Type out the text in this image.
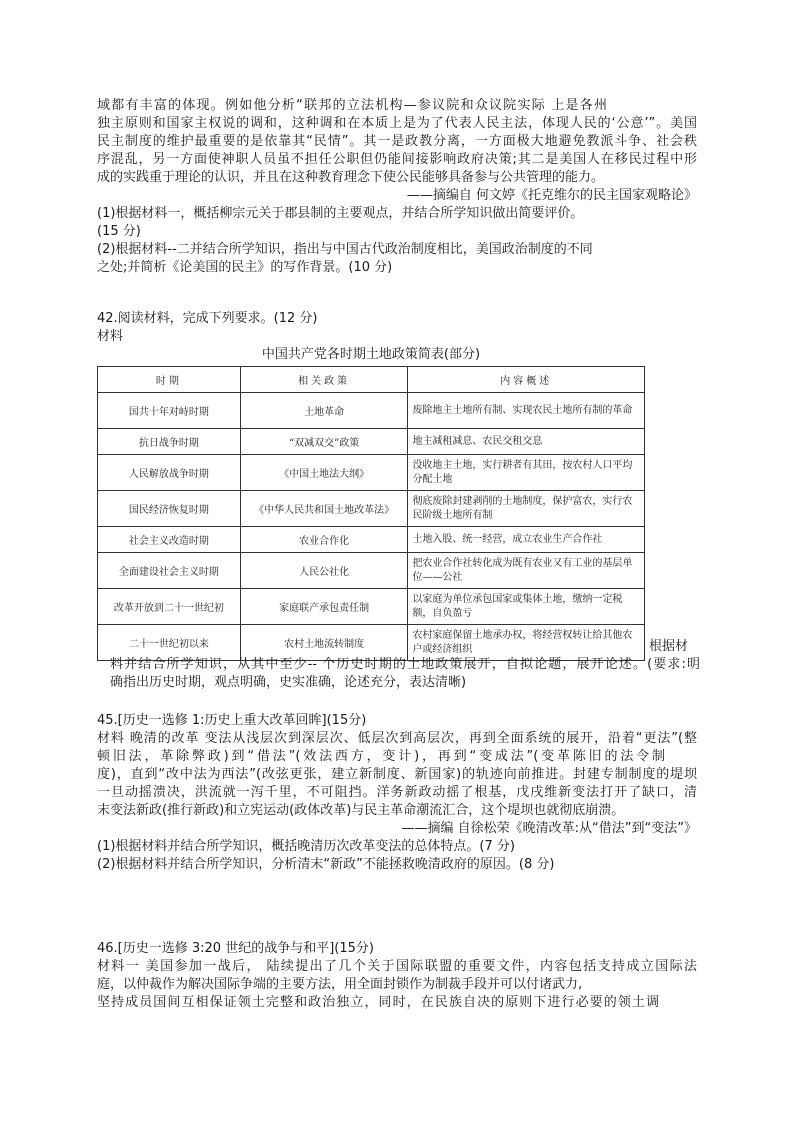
域都有丰富的体现。例如他分析“联邦的立法机构—参议院和众议院实际 上是各州
独主原则和国家主权说的调和，这种调和在本质上是为了代表人民主法，体现人民的‘公意’”。美国
民主制度的维护最重要的是依靠其“民情”。其一是政教分离，一方面极大地避免教派斗争、社会秩
序混乱，另一方面使神职人员虽不担任公职但仍能间接影响政府决策;其二是美国人在移民过程中形
成的实践重于理论的认识，并且在这种教育理念下使公民能够具备参与公共管理的能力。
——摘编自 何文婷《托克维尔的民主国家观略论》
(1)根据材料一，概括柳宗元关于郡县制的主要观点，并结合所学知识做出简要评价。
(15 分)
(2)根据材料--二并结合所学知识，指出与中国古代政治制度相比，美国政治制度的不同
之处;并简析《论美国的民主》的写作背景。(10 分)
42.阅读材料，完成下列要求。(12 分)
材料
中国共产党各时期土地政策简表(部分)
时期	相关政策	内容概述
国共十年对峙时期	土地革命	废除地主土地所有制、实现农民土地所有制的革命
抗日战争时期	“双减双交”政策	地主减租减息、农民交租交息
人民解放战争时期	《中国土地法大纲》	没收地主土地，实行耕者有其田，按农村人口平均分配土地
国民经济恢复时期	《中华人民共和国土地改革法》	彻底废除封建剥削的土地制度，保护富农，实行农民阶级土地所有制
社会主义改造时期	农业合作化	土地入股、统一经营，成立农业生产合作社
全面建设社会主义时期	人民公社化	把农业合作社转化成为既有农业又有工业的基层单位——公社
改革开放到二十一世纪初	家庭联产承包责任制	以家庭为单位承包国家或集体土地，缴纳一定税额，自负盈亏
二十一世纪初以来	农村土地流转制度	农村家庭保留土地承办权，将经营权转让给其他农户或经济组织	根据材
料并结合所学知识，从其中至少-- 个历史时期的土地政策展开，自拟论题，展开论述。(要求:明
确指出历史时期，观点明确，史实准确，论述充分，表达清晰)
45.[历史一选修 1:历史上重大改革回眸](15分)
材料 晚清的改革 变法从浅层次到深层次、低层次到高层次，再到全面系统的展开，沿着“更法”(整
顿旧法，革除弊政)到“借法”(效法西方，变计)，再到“变成法”(变革陈旧的法令制
度)，直到“改中法为西法”(改弦更张，建立新制度、新国家)的轨迹向前推进。封建专制制度的堤坝
一旦动摇溃决，洪流就一泻千里，不可阻挡。洋务新政动摇了根基，戊戌维新变法打开了缺口，清
末变法新政(推行新政)和立宪运动(政体改革)与民主革命潮流汇合，这个堤坝也就彻底崩溃。
——摘编 自徐松荣《晚清改革:从“借法”到“变法”》
(1)根据材料并结合所学知识，概括晚清历次改革变法的总体特点。(7 分)
(2)根据材料并结合所学知识，分析清末“新政”不能拯救晚清政府的原因。(8 分)
46.[历史一选修 3:20 世纪的战争与和平](15分)
材料一 美国参加一战后， 陆续提出了几个关于国际联盟的重要文件，内容包括支持成立国际法
庭，以仲裁作为解决国际争端的主要方法，用全面封锁作为制裁手段并可以付诸武力,
坚持成员国间互相保证领土完整和政治独立，同时，在民族自决的原则下进行必要的领土调
